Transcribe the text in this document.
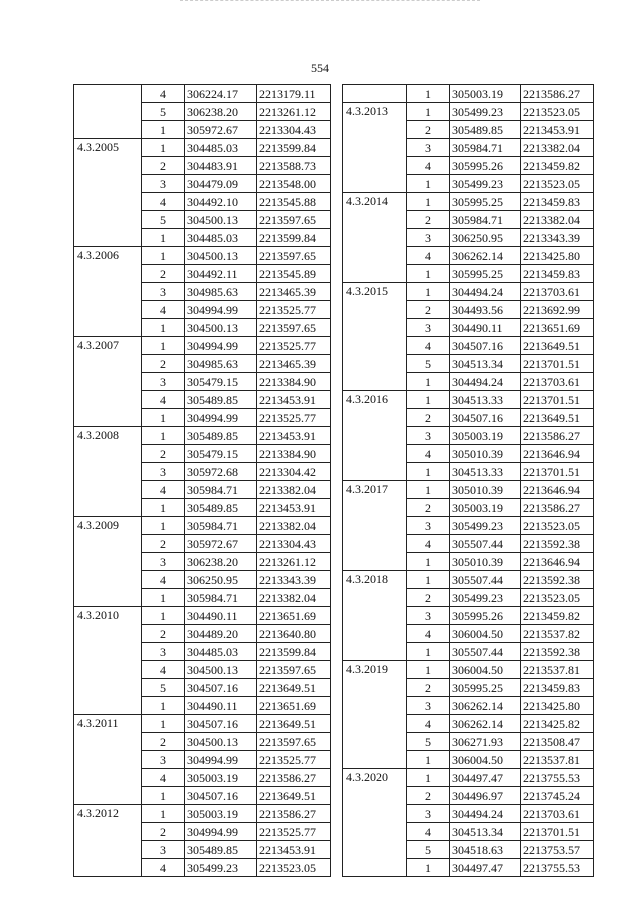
554
	4	306224.17	2213179.11
	5	306238.20	2213261.12
	1	305972.67	2213304.43
4.3.2005	1	304485.03	2213599.84
	2	304483.91	2213588.73
	3	304479.09	2213548.00
	4	304492.10	2213545.88
	5	304500.13	2213597.65
	1	304485.03	2213599.84
4.3.2006	1	304500.13	2213597.65
	2	304492.11	2213545.89
	3	304985.63	2213465.39
	4	304994.99	2213525.77
	1	304500.13	2213597.65
4.3.2007	1	304994.99	2213525.77
	2	304985.63	2213465.39
	3	305479.15	2213384.90
	4	305489.85	2213453.91
	1	304994.99	2213525.77
4.3.2008	1	305489.85	2213453.91
	2	305479.15	2213384.90
	3	305972.68	2213304.42
	4	305984.71	2213382.04
	1	305489.85	2213453.91
4.3.2009	1	305984.71	2213382.04
	2	305972.67	2213304.43
	3	306238.20	2213261.12
	4	306250.95	2213343.39
	1	305984.71	2213382.04
4.3.2010	1	304490.11	2213651.69
	2	304489.20	2213640.80
	3	304485.03	2213599.84
	4	304500.13	2213597.65
	5	304507.16	2213649.51
	1	304490.11	2213651.69
4.3.2011	1	304507.16	2213649.51
	2	304500.13	2213597.65
	3	304994.99	2213525.77
	4	305003.19	2213586.27
	1	304507.16	2213649.51
4.3.2012	1	305003.19	2213586.27
	2	304994.99	2213525.77
	3	305489.85	2213453.91
	4	305499.23	2213523.05
	1	305003.19	2213586.27
4.3.2013	1	305499.23	2213523.05
	2	305489.85	2213453.91
	3	305984.71	2213382.04
	4	305995.26	2213459.82
	1	305499.23	2213523.05
4.3.2014	1	305995.25	2213459.83
	2	305984.71	2213382.04
	3	306250.95	2213343.39
	4	306262.14	2213425.80
	1	305995.25	2213459.83
4.3.2015	1	304494.24	2213703.61
	2	304493.56	2213692.99
	3	304490.11	2213651.69
	4	304507.16	2213649.51
	5	304513.34	2213701.51
	1	304494.24	2213703.61
4.3.2016	1	304513.33	2213701.51
	2	304507.16	2213649.51
	3	305003.19	2213586.27
	4	305010.39	2213646.94
	1	304513.33	2213701.51
4.3.2017	1	305010.39	2213646.94
	2	305003.19	2213586.27
	3	305499.23	2213523.05
	4	305507.44	2213592.38
	1	305010.39	2213646.94
4.3.2018	1	305507.44	2213592.38
	2	305499.23	2213523.05
	3	305995.26	2213459.82
	4	306004.50	2213537.82
	1	305507.44	2213592.38
4.3.2019	1	306004.50	2213537.81
	2	305995.25	2213459.83
	3	306262.14	2213425.80
	4	306262.14	2213425.82
	5	306271.93	2213508.47
	1	306004.50	2213537.81
4.3.2020	1	304497.47	2213755.53
	2	304496.97	2213745.24
	3	304494.24	2213703.61
	4	304513.34	2213701.51
	5	304518.63	2213753.57
	1	304497.47	2213755.53
